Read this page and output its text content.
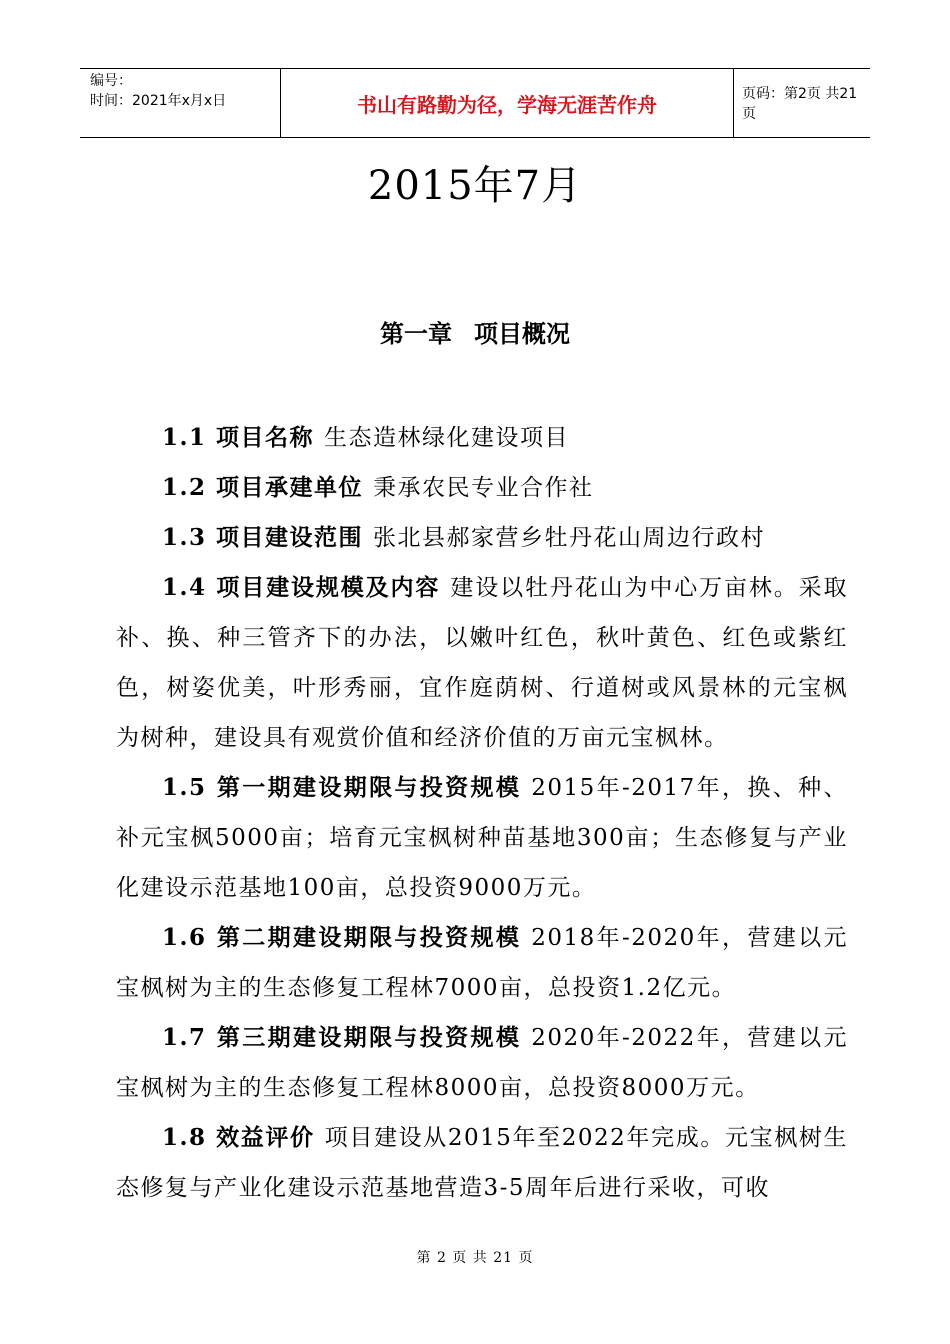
编号：
时间：2021年x月x日	书山有路勤为径，学海无涯苦作舟	页码：第2页 共21页
2015年7月
第一章 项目概况

1.1 项目名称 生态造林绿化建设项目

1.2 项目承建单位 秉承农民专业合作社

1.3 项目建设范围 张北县郝家营乡牡丹花山周边行政村

1.4 项目建设规模及内容 建设以牡丹花山为中心万亩林。采取补、换、种三管齐下的办法，以嫩叶红色，秋叶黄色、红色或紫红色，树姿优美，叶形秀丽，宜作庭荫树、行道树或风景林的元宝枫为树种，建设具有观赏价值和经济价值的万亩元宝枫林。

1.5 第一期建设期限与投资规模 2015年-2017年，换、种、补元宝枫5000亩；培育元宝枫树种苗基地300亩；生态修复与产业化建设示范基地100亩，总投资9000万元。

1.6 第二期建设期限与投资规模 2018年-2020年，营建以元宝枫树为主的生态修复工程林7000亩，总投资1.2亿元。

1.7 第三期建设期限与投资规模 2020年-2022年，营建以元宝枫树为主的生态修复工程林8000亩，总投资8000万元。

1.8 效益评价 项目建设从2015年至2022年完成。元宝枫树生态修复与产业化建设示范基地营造3-5周年后进行采收，可收

第 2 页 共 21 页
